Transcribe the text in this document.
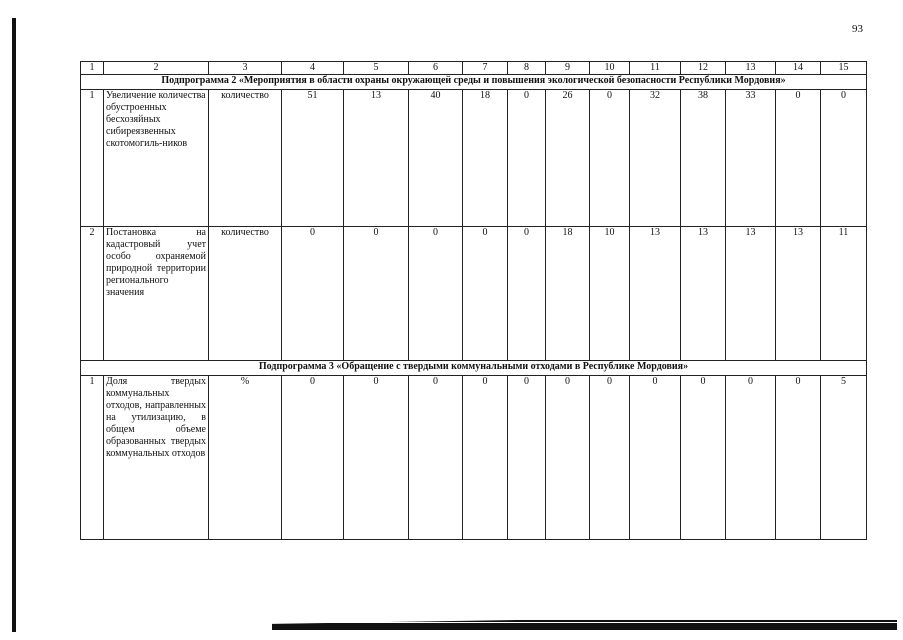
93
1	2	3	4	5	6	7	8	9	10	11	12	13	14	15
Подпрограмма 2 «Мероприятия в области охраны окружающей среды и повышения экологической безопасности Республики Мордовия»														
1	Увеличение количества обустроенных бесхозяйных сибиреязвенных скотомогиль-ников	количество	51	13	40	18	0	26	0	32	38	33	0	0
2	Постановка на кадастровый учет особо охраняемой природной территории регионального значения	количество	0	0	0	0	0	18	10	13	13	13	13	11
Подпрограмма 3 «Обращение с твердыми коммунальными отходами в Республике Мордовия»														
1	Доля твердых коммунальных отходов, направленных на утилизацию, в общем объеме образованных твердых коммунальных отходов	%	0	0	0	0	0	0	0	0	0	0	0	5
